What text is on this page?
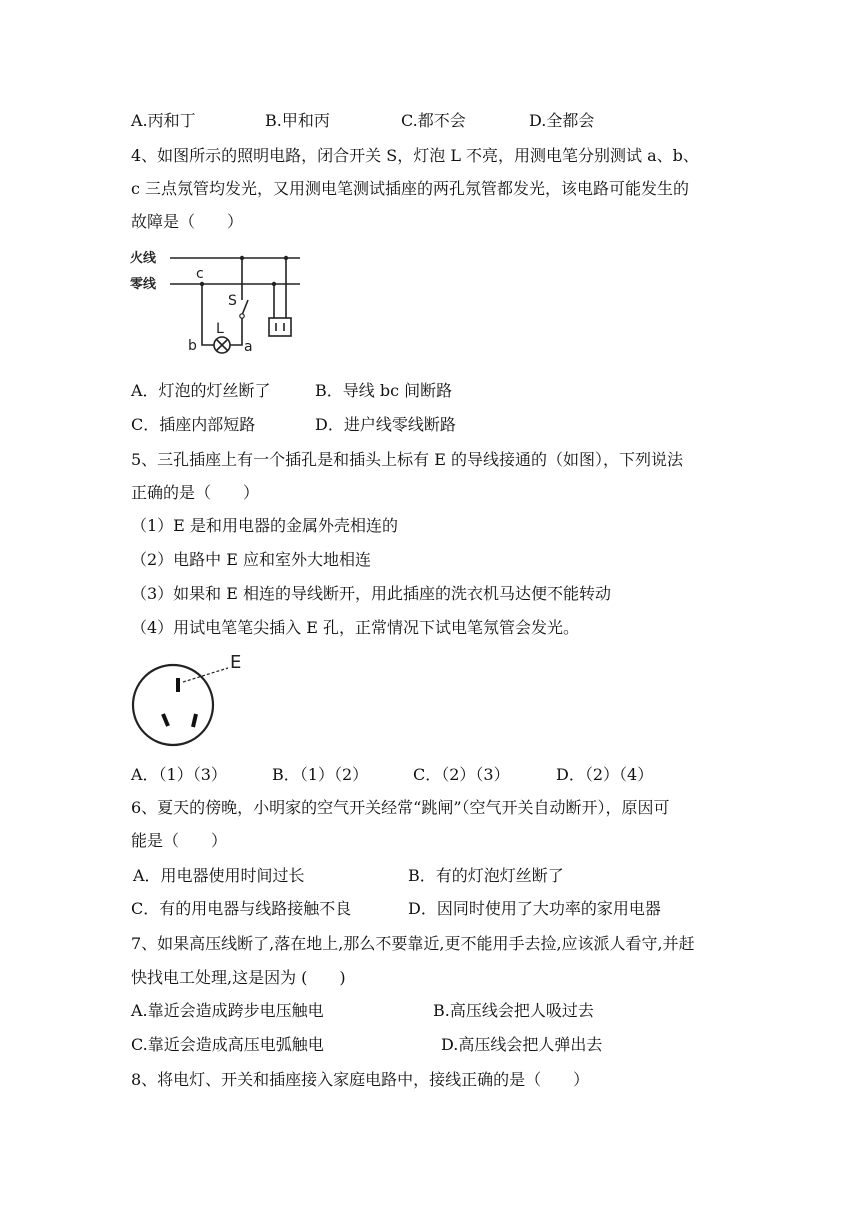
A.丙和丁	B.甲和丙	C.都不会	D.全都会
4、如图所示的照明电路，闭合开关 S，灯泡 L 不亮，用测电笔分别测试 a、b、
c 三点氖管均发光，又用测电笔测试插座的两孔氖管都发光，该电路可能发生的
故障是（　　）
火线
零线
c
b	a
S
L
A．灯泡的灯丝断了	B．导线 bc 间断路
C．插座内部短路	D．进户线零线断路
5、三孔插座上有一个插孔是和插头上标有 E 的导线接通的（如图），下列说法
正确的是（　　）
（1）E 是和用电器的金属外壳相连的
（2）电路中 E 应和室外大地相连
（3）如果和 E 相连的导线断开，用此插座的洗衣机马达便不能转动
（4）用试电笔笔尖插入 E 孔，正常情况下试电笔氖管会发光。
E
A．（1）（3）	B．（1）（2）	C．（2）（3）	D．（2）（4）
6、夏天的傍晚，小明家的空气开关经常“跳闸”（空气开关自动断开），原因可
能是（　　）
A．用电器使用时间过长	B．有的灯泡灯丝断了
C．有的用电器与线路接触不良	D．因同时使用了大功率的家用电器
7、如果高压线断了,落在地上,那么不要靠近,更不能用手去捡,应该派人看守,并赶
快找电工处理,这是因为 (　　)
A.靠近会造成跨步电压触电	B.高压线会把人吸过去
C.靠近会造成高压电弧触电	D.高压线会把人弹出去
8、将电灯、开关和插座接入家庭电路中，接线正确的是（　　）
